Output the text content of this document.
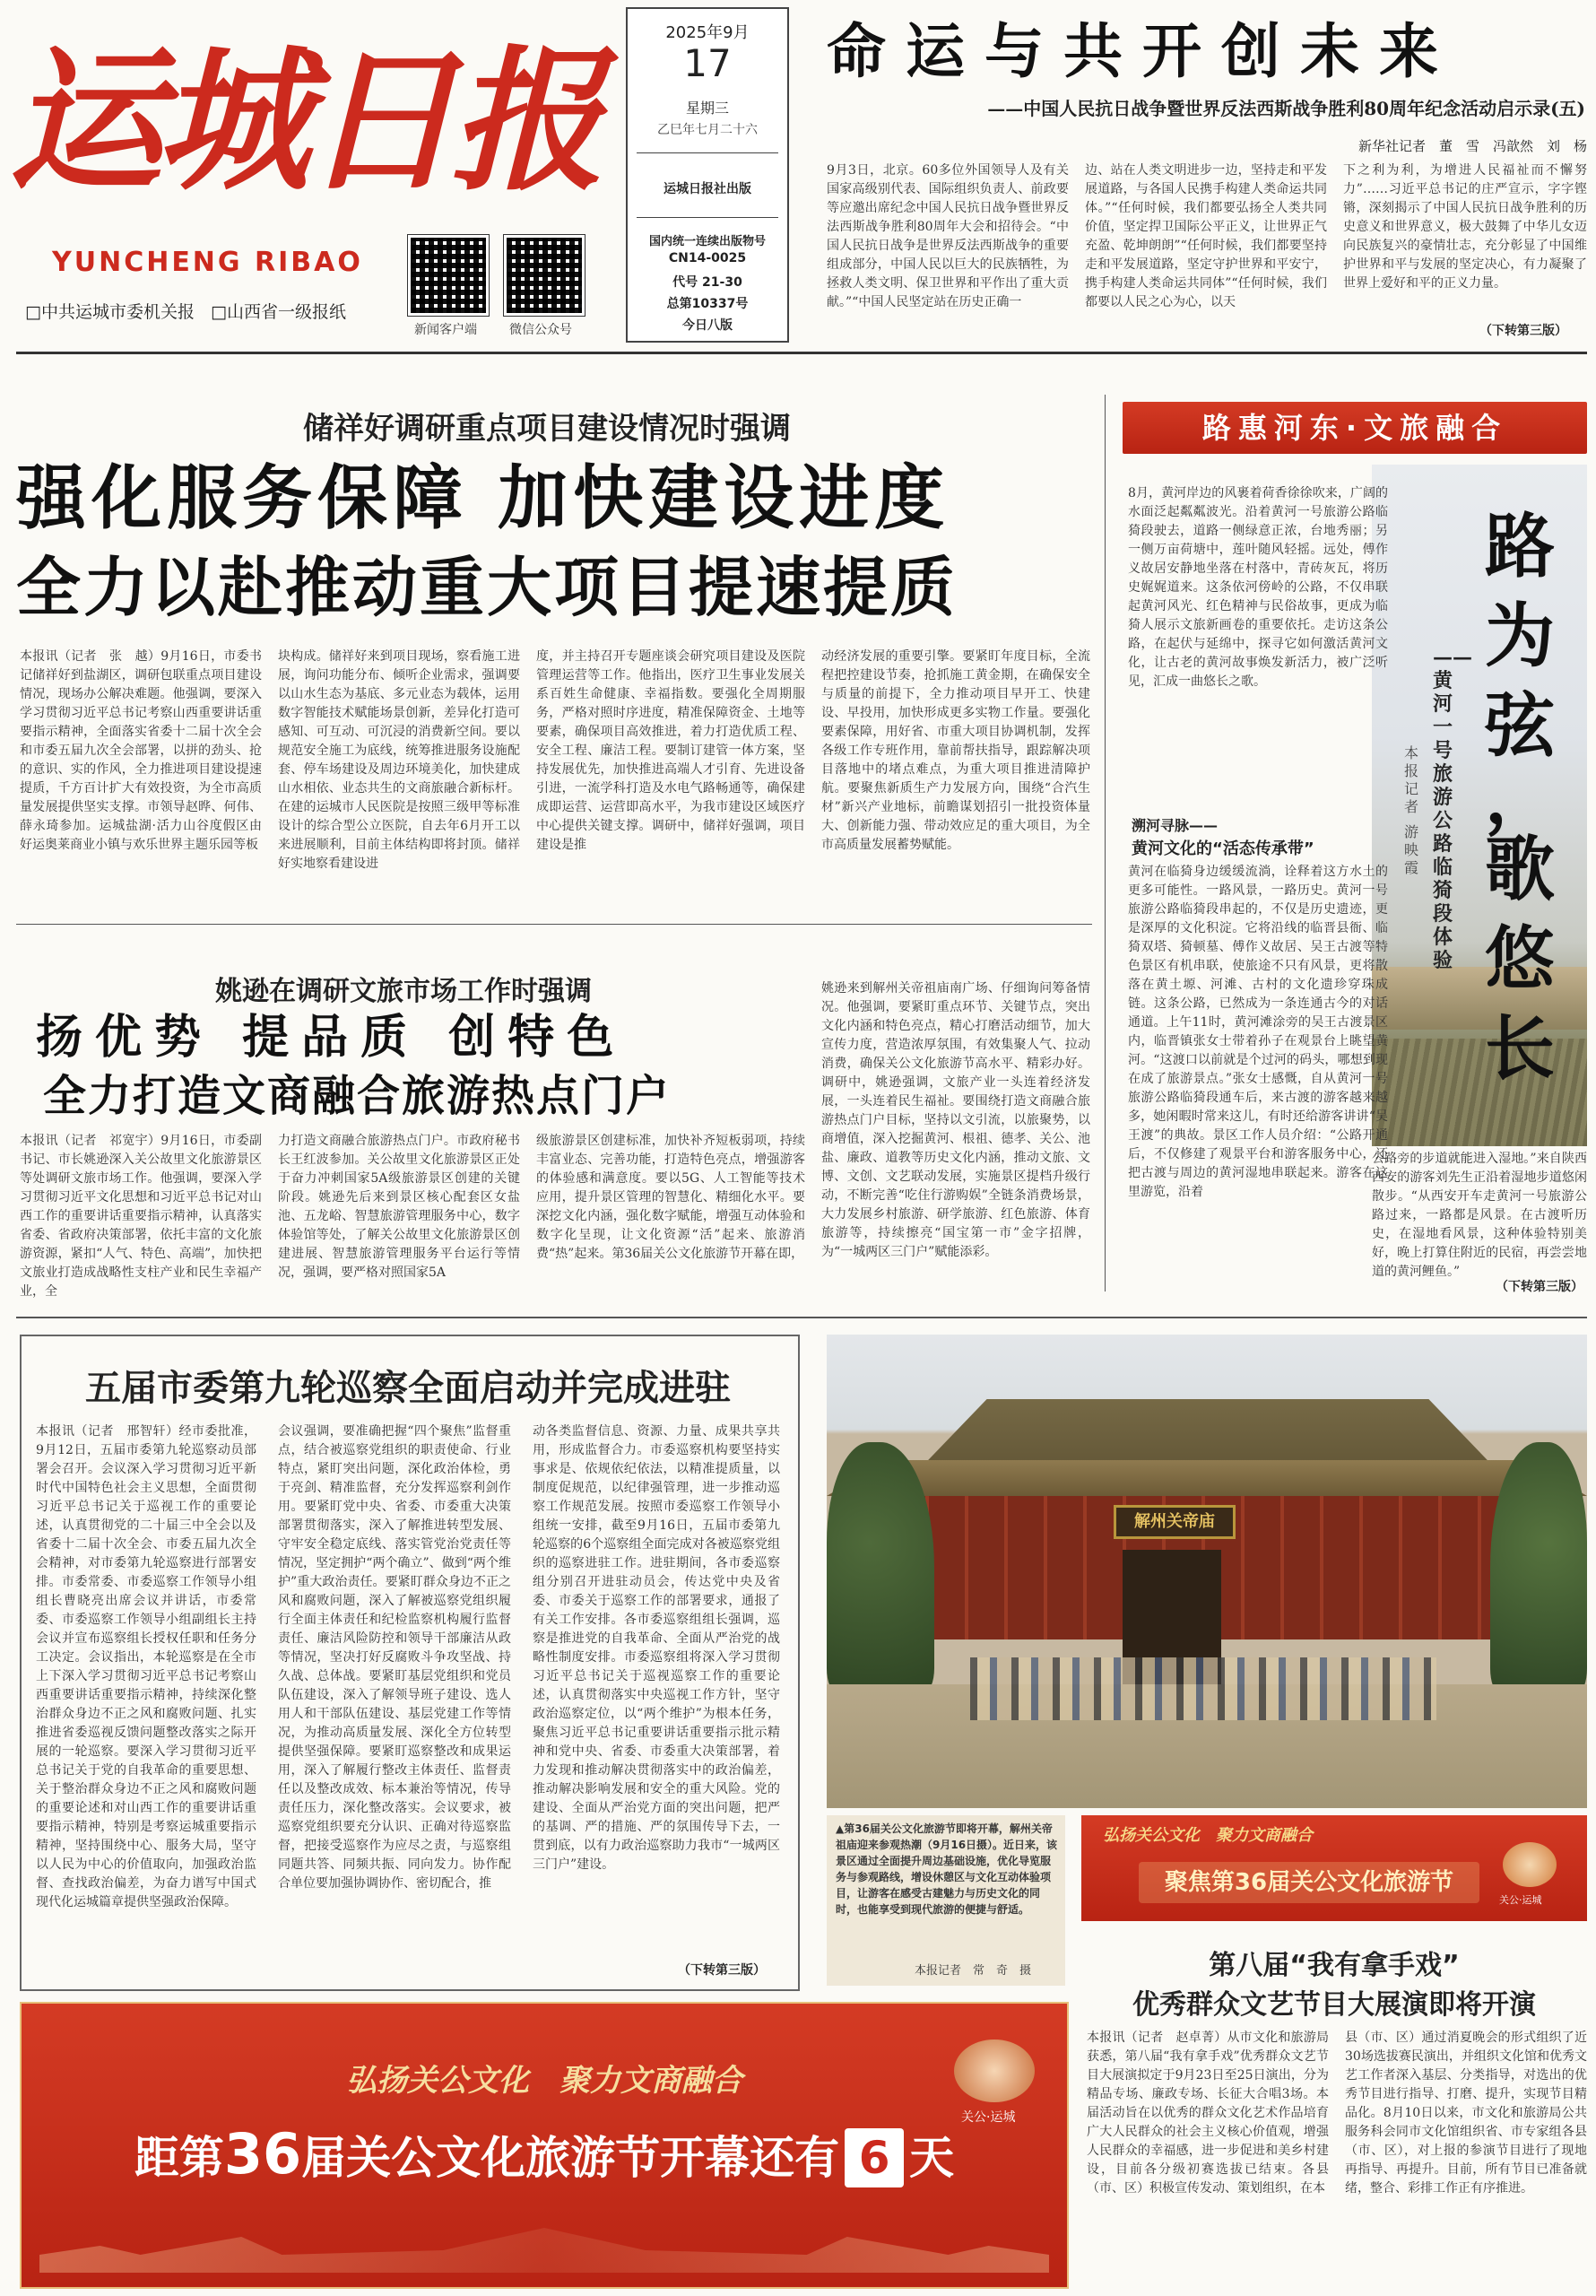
运城日报
YUNCHENG RIBAO
□中共运城市委机关报 □山西省一级报纸
新闻客户端	微信公众号
2025年9月
17
星期三
乙巳年七月二十六
运城日报社出版
国内统一连续出版物号
CN14-0025
代号 21-30
总第10337号
今日八版
命运与共开创未来
——中国人民抗日战争暨世界反法西斯战争胜利80周年纪念活动启示录(五)
新华社记者　董　雪　冯歆然　刘　杨
9月3日，北京。60多位外国领导人及有关国家高级别代表、国际组织负责人、前政要等应邀出席纪念中国人民抗日战争暨世界反法西斯战争胜利80周年大会和招待会。“中国人民抗日战争是世界反法西斯战争的重要组成部分，中国人民以巨大的民族牺牲，为拯救人类文明、保卫世界和平作出了重大贡献。”“中国人民坚定站在历史正确一
边、站在人类文明进步一边，坚持走和平发展道路，与各国人民携手构建人类命运共同体。”“任何时候，我们都要弘扬全人类共同价值，坚定捍卫国际公平正义，让世界正气充盈、乾坤朗朗”“任何时候，我们都要坚持走和平发展道路，坚定守护世界和平安宁，携手构建人类命运共同体”“任何时候，我们都要以人民之心为心，以天
下之利为利，为增进人民福祉而不懈努力”……习近平总书记的庄严宣示，字字铿锵，深刻揭示了中国人民抗日战争胜利的历史意义和世界意义，极大鼓舞了中华儿女迈向民族复兴的豪情壮志，充分彰显了中国维护世界和平与发展的坚定决心，有力凝聚了世界上爱好和平的正义力量。
（下转第三版）
储祥好调研重点项目建设情况时强调
强化服务保障 加快建设进度
全力以赴推动重大项目提速提质
本报讯（记者　张　越）9月16日，市委书记储祥好到盐湖区，调研包联重点项目建设情况，现场办公解决难题。他强调，要深入学习贯彻习近平总书记考察山西重要讲话重要指示精神，全面落实省委十二届十次全会和市委五届九次全会部署，以拼的劲头、抢的意识、实的作风，全力推进项目建设提速提质，千方百计扩大有效投资，为全市高质量发展提供坚实支撑。市领导赵晔、何伟、薛永琦参加。运城盐湖·活力山谷度假区由好运奥莱商业小镇与欢乐世界主题乐园等板
块构成。储祥好来到项目现场，察看施工进展，询问功能分布、倾听企业需求，强调要以山水生态为基底、多元业态为载体，运用数字智能技术赋能场景创新，差异化打造可感知、可互动、可沉浸的消费新空间。要以规范安全施工为底线，统筹推进服务设施配套、停车场建设及周边环境美化，加快建成山水相依、业态共生的文商旅融合新标杆。在建的运城市人民医院是按照三级甲等标准设计的综合型公立医院，自去年6月开工以来进展顺利，目前主体结构即将封顶。储祥好实地察看建设进
度，并主持召开专题座谈会研究项目建设及医院管理运营等工作。他指出，医疗卫生事业发展关系百姓生命健康、幸福指数。要强化全周期服务，严格对照时序进度，精准保障资金、土地等要素，确保项目高效推进，着力打造优质工程、安全工程、廉洁工程。要制订建管一体方案，坚持发展优先，加快推进高端人才引育、先进设备引进，一流学科打造及水电气路畅通等，确保建成即运营、运营即高水平，为我市建设区域医疗中心提供关键支撑。调研中，储祥好强调，项目建设是推
动经济发展的重要引擎。要紧盯年度目标，全流程把控建设节奏，抢抓施工黄金期，在确保安全与质量的前提下，全力推动项目早开工、快建设、早投用，加快形成更多实物工作量。要强化要素保障，用好省、市重大项目协调机制，发挥各级工作专班作用，靠前帮扶指导，跟踪解决项目落地中的堵点难点，为重大项目推进清障护航。要聚焦新质生产力发展方向，围绕“合汽生材”新兴产业地标，前瞻谋划招引一批投资体量大、创新能力强、带动效应足的重大项目，为全市高质量发展蓄势赋能。
姚逊在调研文旅市场工作时强调
扬优势 提品质 创特色
全力打造文商融合旅游热点门户
本报讯（记者　祁宽宇）9月16日，市委副书记、市长姚逊深入关公故里文化旅游景区等处调研文旅市场工作。他强调，要深入学习贯彻习近平文化思想和习近平总书记对山西工作的重要讲话重要指示精神，认真落实省委、省政府决策部署，依托丰富的文化旅游资源，紧扣“人气、特色、高端”，加快把文旅业打造成战略性支柱产业和民生幸福产业，全
力打造文商融合旅游热点门户。市政府秘书长王红波参加。关公故里文化旅游景区正处于奋力冲刺国家5A级旅游景区创建的关键阶段。姚逊先后来到景区核心配套区女盐池、五龙峪、智慧旅游管理服务中心，数字体验馆等处，了解关公故里文化旅游景区创建进展、智慧旅游管理服务平台运行等情况，强调，要严格对照国家5A
级旅游景区创建标准，加快补齐短板弱项，持续丰富业态、完善功能，打造特色亮点，增强游客的体验感和满意度。要以5G、人工智能等技术应用，提升景区管理的智慧化、精细化水平。要深挖文化内涵，强化数字赋能，增强互动体验和数字化呈现，让文化资源“活”起来、旅游消费“热”起来。第36届关公文化旅游节开幕在即，
姚逊来到解州关帝祖庙南广场、仔细询问筹备情况。他强调，要紧盯重点环节、关键节点，突出文化内涵和特色亮点，精心打磨活动细节，加大宣传力度，营造浓厚氛围，有效集聚人气、拉动消费，确保关公文化旅游节高水平、精彩办好。调研中，姚逊强调，文旅产业一头连着经济发展，一头连着民生福祉。要围绕打造文商融合旅游热点门户目标，坚持以文引流，以旅聚势，以商增值，深入挖掘黄河、根祖、德孝、关公、池盐、廉政、道教等历史文化内涵，推动文旅、文博、文创、文艺联动发展，实施景区提档升级行动，不断完善“吃住行游购娱”全链条消费场景，大力发展乡村旅游、研学旅游、红色旅游、体育旅游等，持续擦亮“国宝第一市”金字招牌，为“一城两区三门户”赋能添彩。
路惠河东·文旅融合
路
为
弦
，
歌
悠
长
——黄河一号旅游公路临猗段体验
本报记者
游映霞
8月，黄河岸边的风裹着荷香徐徐吹来，广阔的水面泛起粼粼波光。沿着黄河一号旅游公路临猗段驶去，道路一侧绿意正浓，台地秀丽；另一侧万亩荷塘中，莲叶随风轻摇。远处，傅作义故居安静地坐落在村落中，青砖灰瓦，将历史娓娓道来。这条依河傍岭的公路，不仅串联起黄河风光、红色精神与民俗故事，更成为临猗人展示文旅新画卷的重要依托。走访这条公路，在起伏与延绵中，探寻它如何激活黄河文化，让古老的黄河故事焕发新活力，被广泛听见，汇成一曲悠长之歌。
溯河寻脉——
黄河文化的“活态传承带”
黄河在临猗身边缓缓流淌，诠释着这方水土的更多可能性。一路风景，一路历史。黄河一号旅游公路临猗段串起的，不仅是历史遗迹，更是深厚的文化积淀。它将沿线的临晋县衙、临猗双塔、猗顿墓、傅作义故居、吴王古渡等特色景区有机串联，使旅途不只有风景，更将散落在黄土塬、河滩、古村的文化遗珍穿珠成链。这条公路，已然成为一条连通古今的对话通道。上午11时，黄河滩涂旁的吴王古渡景区内，临晋镇张女士带着孙子在观景台上眺望黄河。“这渡口以前就是个过河的码头，哪想到现在成了旅游景点。”张女士感慨，自从黄河一号旅游公路临猗段通车后，来古渡的游客越来越多，她闲暇时常来这儿，有时还给游客讲讲“吴王渡”的典故。景区工作人员介绍：“公路开通后，不仅修建了观景平台和游客服务中心，还把古渡与周边的黄河湿地串联起来。游客在这里游览，沿着
公路旁的步道就能进入湿地。”来自陕西西安的游客刘先生正沿着湿地步道悠闲散步。“从西安开车走黄河一号旅游公路过来，一路都是风景。在古渡听历史，在湿地看风景，这种体验特别美好，晚上打算住附近的民宿，再尝尝地道的黄河鲤鱼。”
（下转第三版）
五届市委第九轮巡察全面启动并完成进驻
本报讯（记者　邢智轩）经市委批准，9月12日，五届市委第九轮巡察动员部署会召开。会议深入学习贯彻习近平新时代中国特色社会主义思想，全面贯彻习近平总书记关于巡视工作的重要论述，认真贯彻党的二十届三中全会以及省委十二届十次全会、市委五届九次全会精神，对市委第九轮巡察进行部署安排。市委常委、市委巡察工作领导小组组长曹晓亮出席会议并讲话，市委常委、市委巡察工作领导小组副组长主持会议并宣布巡察组长授权任职和任务分工决定。会议指出，本轮巡察是在全市上下深入学习贯彻习近平总书记考察山西重要讲话重要指示精神，持续深化整治群众身边不正之风和腐败问题、扎实推进省委巡视反馈问题整改落实之际开展的一轮巡察。要深入学习贯彻习近平总书记关于党的自我革命的重要思想、关于整治群众身边不正之风和腐败问题的重要论述和对山西工作的重要讲话重要指示精神，特别是考察运城重要指示精神，坚持围绕中心、服务大局，坚守以人民为中心的价值取向，加强政治监督、查找政治偏差，为奋力谱写中国式现代化运城篇章提供坚强政治保障。
会议强调，要准确把握“四个聚焦”监督重点，结合被巡察党组织的职责使命、行业特点，紧盯突出问题，深化政治体检，勇于亮剑、精准监督，充分发挥巡察利剑作用。要紧盯党中央、省委、市委重大决策部署贯彻落实，深入了解推进转型发展、守牢安全稳定底线、落实管党治党责任等情况，坚定拥护“两个确立”、做到“两个维护”重大政治责任。要紧盯群众身边不正之风和腐败问题，深入了解被巡察党组织履行全面主体责任和纪检监察机构履行监督责任、廉洁风险防控和领导干部廉洁从政等情况，坚决打好反腐败斗争攻坚战、持久战、总体战。要紧盯基层党组织和党员队伍建设，深入了解领导班子建设、选人用人和干部队伍建设、基层党建工作等情况，为推动高质量发展、深化全方位转型提供坚强保障。要紧盯巡察整改和成果运用，深入了解履行整改主体责任、监督责任以及整改成效、标本兼治等情况，传导责任压力，深化整改落实。会议要求，被巡察党组织要充分认识、正确对待巡察监督，把接受巡察作为应尽之责，与巡察组同题共答、同频共振、同向发力。协作配合单位要加强协调协作、密切配合，推
动各类监督信息、资源、力量、成果共享共用，形成监督合力。市委巡察机构要坚持实事求是、依规依纪依法，以精准提质量，以制度促规范，以纪律强管理，进一步推动巡察工作规范发展。按照市委巡察工作领导小组统一安排，截至9月16日，五届市委第九轮巡察的6个巡察组全面完成对各被巡察党组织的巡察进驻工作。进驻期间，各市委巡察组分别召开进驻动员会，传达党中央及省委、市委关于巡察工作的部署要求，通报了有关工作安排。各市委巡察组组长强调，巡察是推进党的自我革命、全面从严治党的战略性制度安排。市委巡察组将深入学习贯彻习近平总书记关于巡视巡察工作的重要论述，认真贯彻落实中央巡视工作方针，坚守政治巡察定位，以“两个维护”为根本任务，聚焦习近平总书记重要讲话重要指示批示精神和党中央、省委、市委重大决策部署，着力发现和推动解决贯彻落实中的政治偏差，推动解决影响发展和安全的重大风险。党的建设、全面从严治党方面的突出问题，把严的基调、严的措施、严的氛围传导下去，一贯到底，以有力政治巡察助力我市“一城两区三门户”建设。
（下转第三版）
解州关帝庙
▲第36届关公文化旅游节即将开幕，解州关帝祖庙迎来参观热潮（9月16日摄）。近日来，该景区通过全面提升周边基础设施，优化导览服务与参观路线，增设休憩区与文化互动体验项目，让游客在感受古建魅力与历史文化的同时，也能享受到现代旅游的便捷与舒适。
本报记者　常　奇　摄
弘扬关公文化　聚力文商融合
聚焦第36届关公文化旅游节
关公·运城
第八届“我有拿手戏”
优秀群众文艺节目大展演即将开演
本报讯（记者　赵卓菁）从市文化和旅游局获悉，第八届“我有拿手戏”优秀群众文艺节目大展演拟定于9月23日至25日演出，分为精品专场、廉政专场、长征大合唱3场。本届活动旨在以优秀的群众文化艺术作品培育广大人民群众的社会主义核心价值观，增强人民群众的幸福感，进一步促进和美乡村建设，目前各分级初赛选拔已结束。各县（市、区）积极宣传发动、策划组织，在本
县（市、区）通过消夏晚会的形式组织了近30场选拔赛民演出，并组织文化馆和优秀文艺工作者深入基层、分类指导，对选出的优秀节目进行指导、打磨、提升，实现节目精品化。8月10日以来，市文化和旅游局公共服务科会同市文化馆组织省、市专家组各县（市、区），对上报的参演节目进行了现地再指导、再提升。目前，所有节目已准备就绪，整合、彩排工作正有序推进。
弘扬关公文化　聚力文商融合
距第36届关公文化旅游节开幕还有 6 天
关公·运城
